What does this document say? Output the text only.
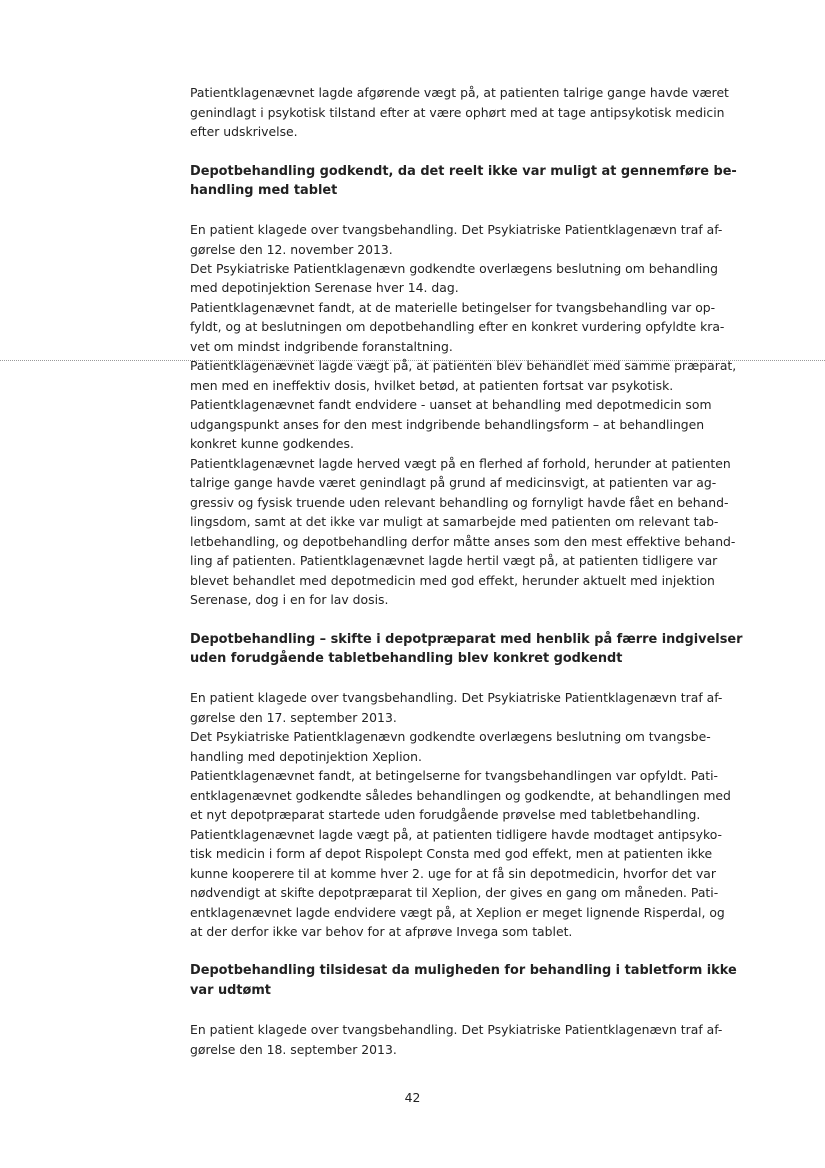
Patientklagenævnet lagde afgørende vægt på, at patienten talrige gange havde været
genindlagt i psykotisk tilstand efter at være ophørt med at tage antipsykotisk medicin
efter udskrivelse.
Depotbehandling godkendt, da det reelt ikke var muligt at gennemføre be-
handling med tablet
En patient klagede over tvangsbehandling. Det Psykiatriske Patientklagenævn traf af-
gørelse den 12. november 2013.
Det Psykiatriske Patientklagenævn godkendte overlægens beslutning om behandling
med depotinjektion Serenase hver 14. dag.
Patientklagenævnet fandt, at de materielle betingelser for tvangsbehandling var op-
fyldt, og at beslutningen om depotbehandling efter en konkret vurdering opfyldte kra-
vet om mindst indgribende foranstaltning.
Patientklagenævnet lagde vægt på, at patienten blev behandlet med samme præparat,
men med en ineffektiv dosis, hvilket betød, at patienten fortsat var psykotisk.
Patientklagenævnet fandt endvidere - uanset at behandling med depotmedicin som
udgangspunkt anses for den mest indgribende behandlingsform – at behandlingen
konkret kunne godkendes.
Patientklagenævnet lagde herved vægt på en flerhed af forhold, herunder at patienten
talrige gange havde været genindlagt på grund af medicinsvigt, at patienten var ag-
gressiv og fysisk truende uden relevant behandling og fornyligt havde fået en behand-
lingsdom, samt at det ikke var muligt at samarbejde med patienten om relevant tab-
letbehandling, og depotbehandling derfor måtte anses som den mest effektive behand-
ling af patienten. Patientklagenævnet lagde hertil vægt på, at patienten tidligere var
blevet behandlet med depotmedicin med god effekt, herunder aktuelt med injektion
Serenase, dog i en for lav dosis.
Depotbehandling – skifte i depotpræparat med henblik på færre indgivelser
uden forudgående tabletbehandling blev konkret godkendt
En patient klagede over tvangsbehandling. Det Psykiatriske Patientklagenævn traf af-
gørelse den 17. september 2013.
Det Psykiatriske Patientklagenævn godkendte overlægens beslutning om tvangsbe-
handling med depotinjektion Xeplion.
Patientklagenævnet fandt, at betingelserne for tvangsbehandlingen var opfyldt. Pati-
entklagenævnet godkendte således behandlingen og godkendte, at behandlingen med
et nyt depotpræparat startede uden forudgående prøvelse med tabletbehandling.
Patientklagenævnet lagde vægt på, at patienten tidligere havde modtaget antipsyko-
tisk medicin i form af depot Rispolept Consta med god effekt, men at patienten ikke
kunne kooperere til at komme hver 2. uge for at få sin depotmedicin, hvorfor det var
nødvendigt at skifte depotpræparat til Xeplion, der gives en gang om måneden. Pati-
entklagenævnet lagde endvidere vægt på, at Xeplion er meget lignende Risperdal, og
at der derfor ikke var behov for at afprøve Invega som tablet.
Depotbehandling tilsidesat da muligheden for behandling i tabletform ikke
var udtømt
En patient klagede over tvangsbehandling. Det Psykiatriske Patientklagenævn traf af-
gørelse den 18. september 2013.
42
